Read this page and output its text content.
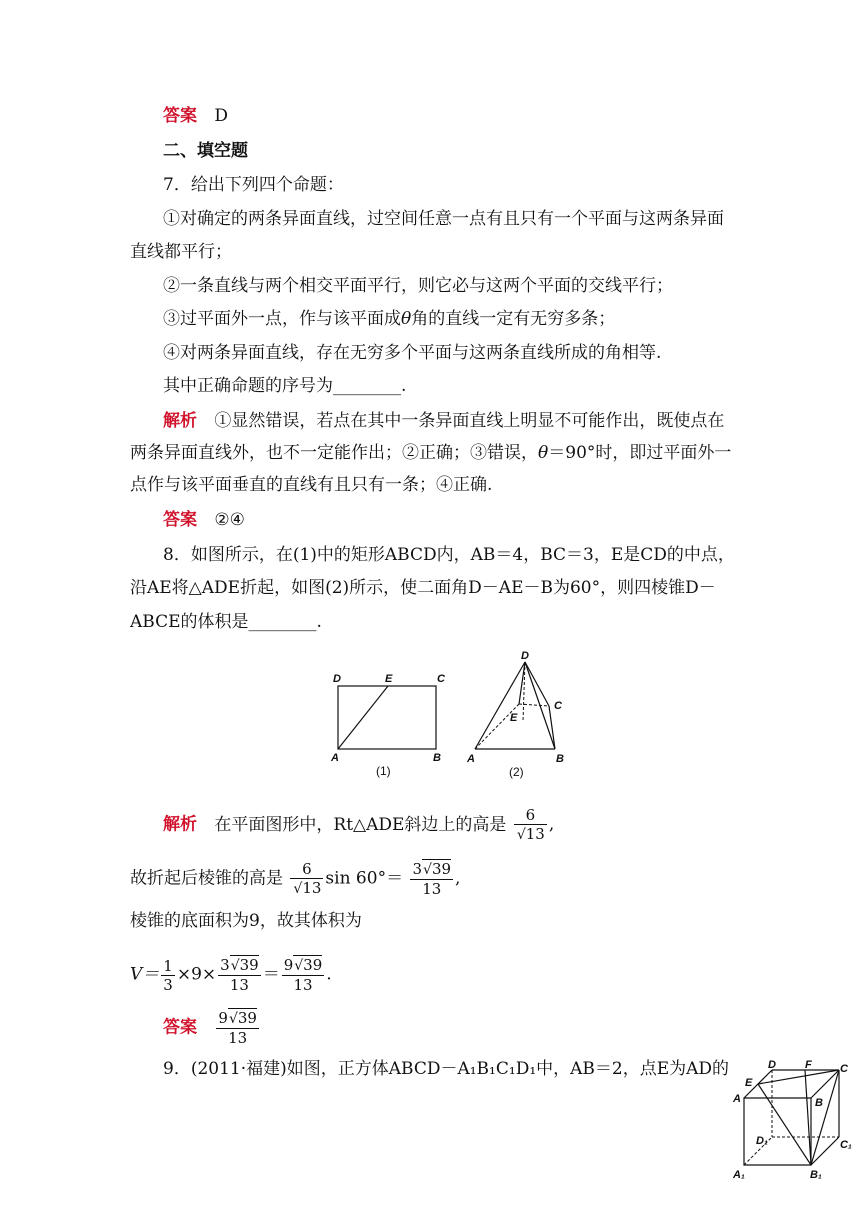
答案 D
二、填空题
7．给出下列四个命题：
①对确定的两条异面直线，过空间任意一点有且只有一个平面与这两条异面
直线都平行；
②一条直线与两个相交平面平行，则它必与这两个平面的交线平行；
③过平面外一点，作与该平面成θ角的直线一定有无穷多条；
④对两条异面直线，存在无穷多个平面与这两条直线所成的角相等.
其中正确命题的序号为________.
解析 ①显然错误，若点在其中一条异面直线上明显不可能作出，既使点在
两条异面直线外，也不一定能作出；②正确；③错误，θ＝90°时，即过平面外一
点作与该平面垂直的直线有且只有一条；④正确.
答案 ②④
8．如图所示，在(1)中的矩形ABCD内，AB＝4，BC＝3，E是CD的中点，
沿AE将△ADE折起，如图(2)所示，使二面角D－AE－B为60°，则四棱锥D－
ABCE的体积是________.
D	E	C
A	B
(1)
D
C
E
A	B
(2)
解析 在平面图形中，Rt△ADE斜边上的高是 6
√ 13 ,
故折起后棱锥的高是 6
√ 13 $\sin 60^\circ= \frac{3 √ 39}{13}$ ,
棱锥的底面积为9，故其体积为
$V= \frac{1}{3} \times 9\times \frac{3 √ 39}{13} = \frac{9 √ 39}{13}$ .
答案 $\frac{9 √ 39}{13}$
9．(2011·福建)如图，正方体ABCD－A₁B₁C₁D₁中，AB＝2，点E为AD的
E
D	F	C
A	B
D₁	C₁
A₁	B₁
